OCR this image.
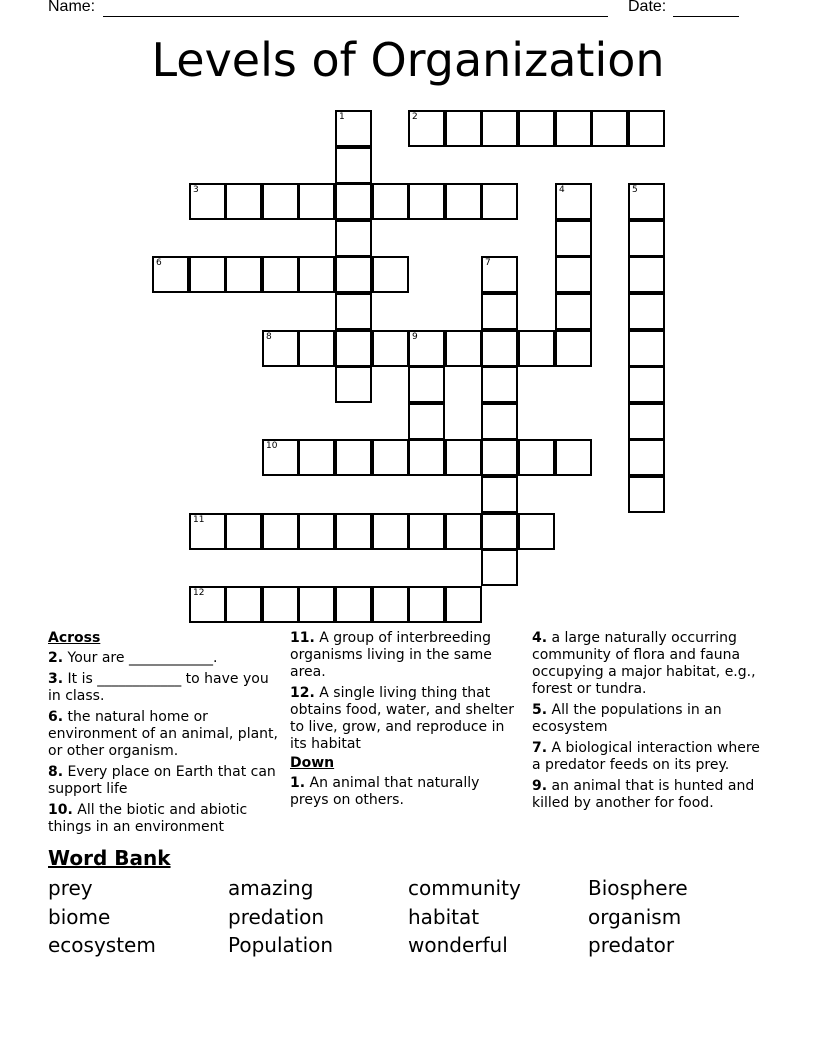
Name:	Date:
Levels of Organization
1	2
3	4	5
6	7
8	9
10
11
12
Across
2. Your are ____________.
3. It is ____________ to have you in class.
6. the natural home or environment of an animal, plant, or other organism.
8. Every place on Earth that can support life
10. All the biotic and abiotic things in an environment
11. A group of interbreeding organisms living in the same area.
12. A single living thing that obtains food, water, and shelter to live, grow, and reproduce in its habitat
Down
1. An animal that naturally preys on others.
4. a large naturally occurring community of flora and fauna occupying a major habitat, e.g., forest or tundra.
5. All the populations in an ecosystem
7. A biological interaction where a predator feeds on its prey.
9. an animal that is hunted and killed by another for food.
Word Bank
prey	amazing	community	Biosphere
biome	predation	habitat	organism
ecosystem	Population	wonderful	predator
